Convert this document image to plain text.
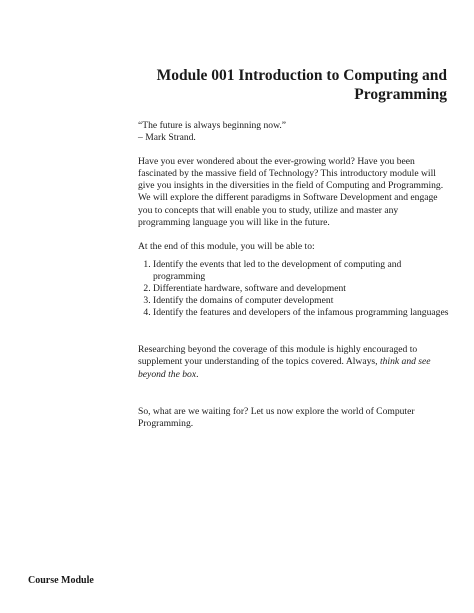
Module 001 Introduction to Computing and
Programming

“The future is always beginning now.”

– Mark Strand.

Have you ever wondered about the ever-growing world? Have you been fascinated by the massive field of Technology? This introductory module will give you insights in the diversities in the field of Computing and Programming. We will explore the different paradigms in Software Development and engage you to concepts that will enable you to study, utilize and master any programming language you will like in the future.

At the end of this module, you will be able to:

1. Identify the events that led to the development of computing and programming
2. Differentiate hardware, software and development
3. Identify the domains of computer development
4. Identify the features and developers of the infamous programming languages

Researching beyond the coverage of this module is highly encouraged to supplement your understanding of the topics covered. Always, think and see beyond the box.

So, what are we waiting for? Let us now explore the world of Computer Programming.

Course Module
